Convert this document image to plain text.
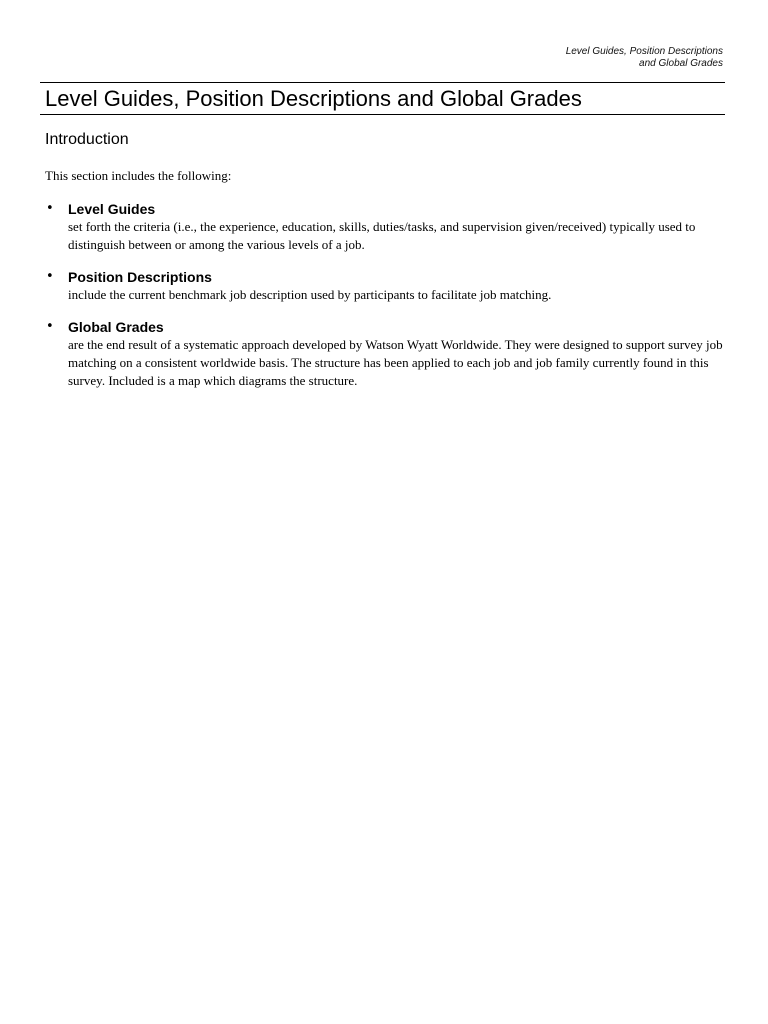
Level Guides, Position Descriptions
and Global Grades
Level Guides, Position Descriptions and Global Grades
Introduction

This section includes the following:

• Level Guides
set forth the criteria (i.e., the experience, education, skills, duties/tasks, and supervision given/received) typically used to distinguish between or among the various levels of a job.
• Position Descriptions
include the current benchmark job description used by participants to facilitate job matching.
• Global Grades
are the end result of a systematic approach developed by Watson Wyatt Worldwide. They were designed to support survey job matching on a consistent worldwide basis. The structure has been applied to each job and job family currently found in this survey. Included is a map which diagrams the structure.
